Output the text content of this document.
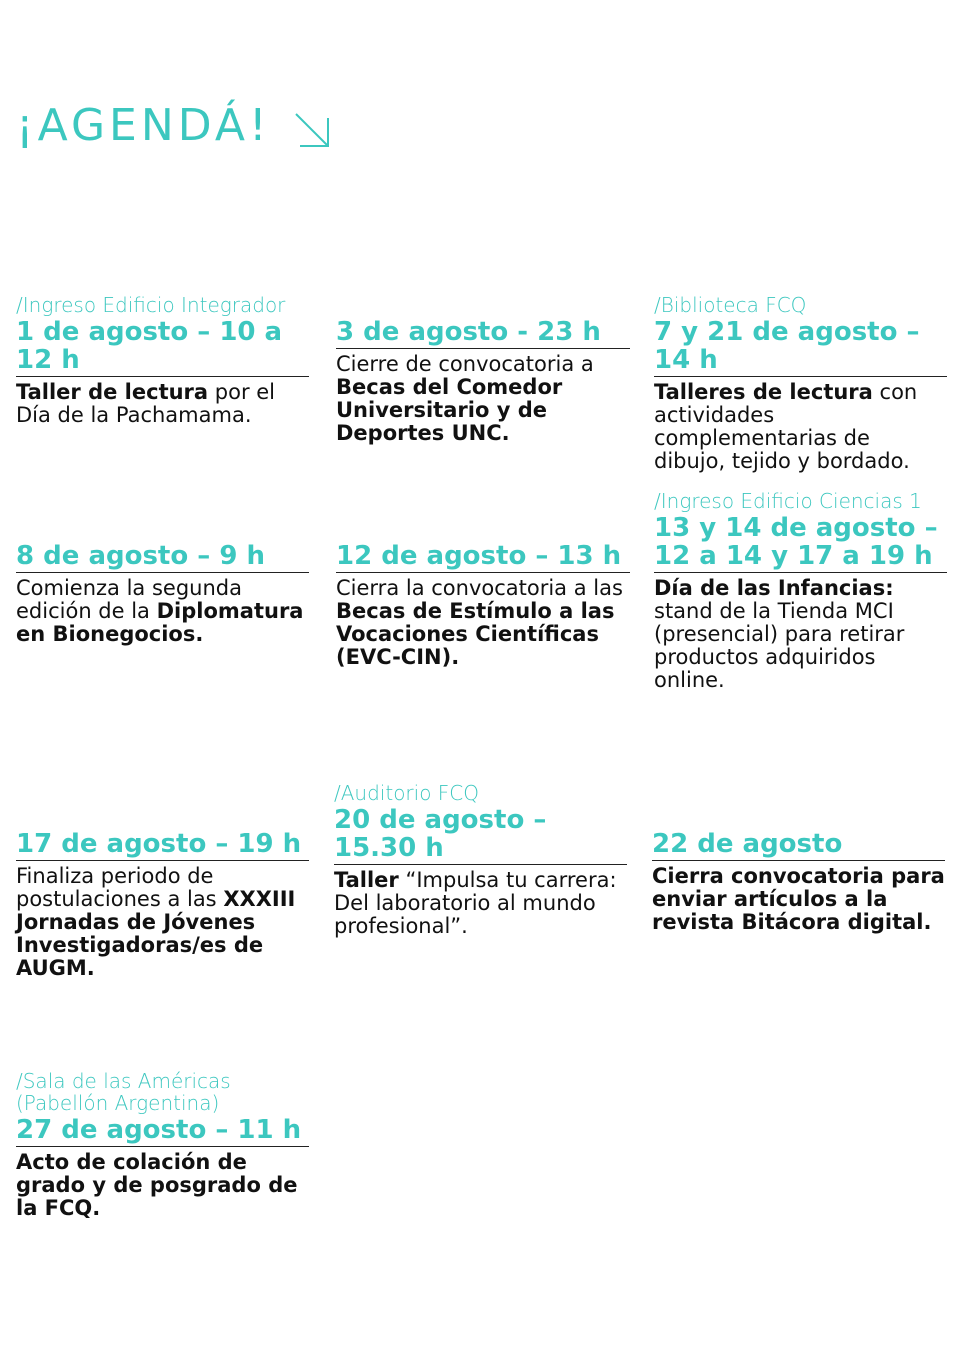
¡AGENDÁ!
/Ingreso Edificio Integrador
1 de agosto – 10 a 12 h
Taller de lectura por el Día de la Pachamama.
3 de agosto - 23 h
Cierre de convocatoria a Becas del Comedor Universitario y de Deportes UNC.
/Biblioteca FCQ
7 y 21 de agosto – 14 h
Talleres de lectura con actividades complementarias de dibujo, tejido y bordado.
8 de agosto – 9 h
Comienza la segunda edición de la Diplomatura en Bionegocios.
12 de agosto – 13 h
Cierra la convocatoria a las Becas de Estímulo a las Vocaciones Científicas (EVC-CIN).
/Ingreso Edificio Ciencias 1
13 y 14 de agosto – 12 a 14 y 17 a 19 h
Día de las Infancias: stand de la Tienda MCI (presencial) para retirar productos adquiridos online.
17 de agosto – 19 h
Finaliza periodo de postulaciones a las XXXIII Jornadas de Jóvenes Investigadoras/es de AUGM.
/Auditorio FCQ
20 de agosto – 15.30 h
Taller “Impulsa tu carrera: Del laboratorio al mundo profesional”.
22 de agosto
Cierra convocatoria para enviar artículos a la revista Bitácora digital.
/Sala de las Américas (Pabellón Argentina)
27 de agosto – 11 h
Acto de colación de grado y de posgrado de la FCQ.
